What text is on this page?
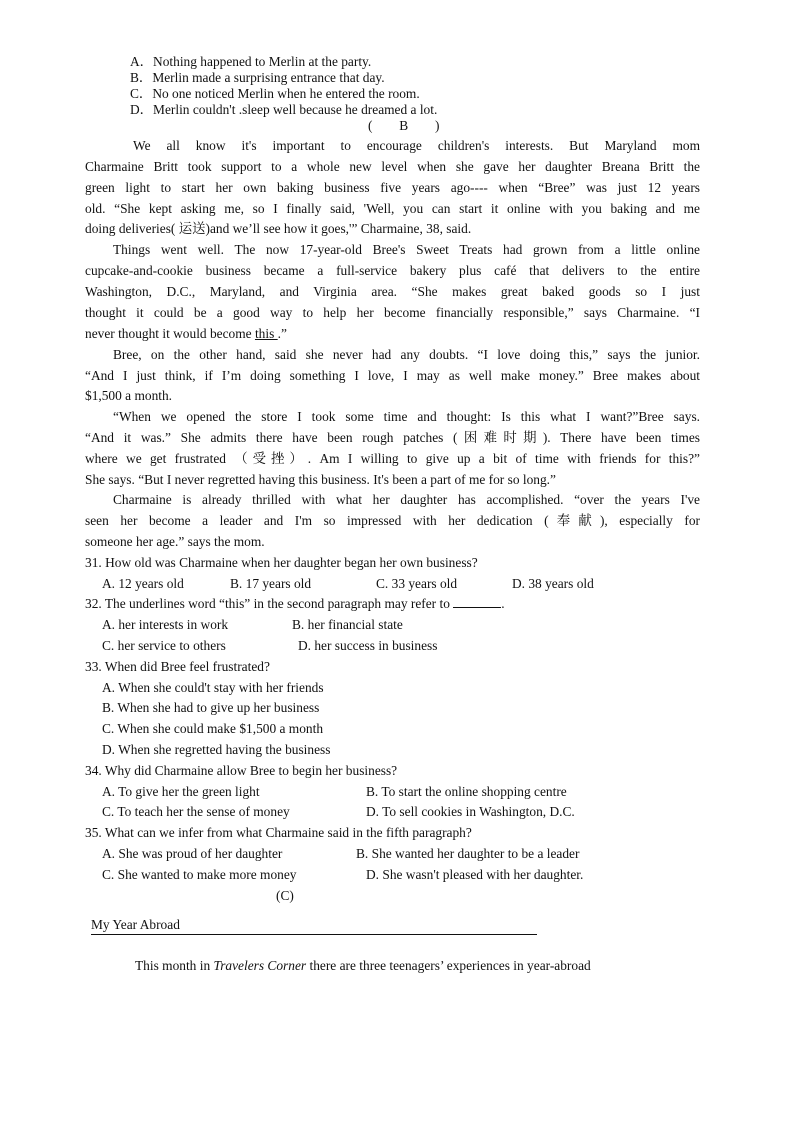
A．Nothing happened to Merlin at the party.
B．Merlin made a surprising entrance that day.
C．No one noticed Merlin when he entered the room.
D．Merlin couldn't .sleep well because he dreamed a lot.
(　　B　　)
We all know it's important to encourage children's interests. But Maryland mom
Charmaine Britt took support to a whole new level when she gave her daughter Breana Britt the
green light to start her own baking business five years ago---- when “Bree” was just 12 years
old. “She kept asking me, so I finally said, 'Well, you can start it online with you baking and me
doing deliveries( 运送)and we’ll see how it goes,'” Charmaine, 38, said.
Things went well. The now 17-year-old Bree's Sweet Treats had grown from a little online
cupcake-and-cookie business became a full-service bakery plus café that delivers to the entire
Washington, D.C., Maryland, and Virginia area. “She makes great baked goods so I just
thought it could be a good way to help her become financially responsible,” says Charmaine. “I
never thought it would become this .”
Bree, on the other hand, said she never had any doubts. “I love doing this,” says the junior.
“And I just think, if I’m doing something I love, I may as well make money.” Bree makes about
$1,500 a month.
“When we opened the store I took some time and thought: Is this what I want?”Bree says.
“And it was.” She admits there have been rough patches (困难时期). There have been times
where we get frustrated （受挫）. Am I willing to give up a bit of time with friends for this?”
She says. “But I never regretted having this business. It's been a part of me for so long.”
Charmaine is already thrilled with what her daughter has accomplished. “over the years I've
seen her become a leader and I'm so impressed with her dedication (奉献), especially for
someone her age.” says the mom.
31. How old was Charmaine when her daughter began her own business?
A. 12 years old	B. 17 years old	C. 33 years old	D. 38 years old
32. The underlines word “this” in the second paragraph may refer to	.
A. her interests in work	B. her financial state
C. her service to others	D. her success in business
33. When did Bree feel frustrated?
A. When she could't stay with her friends
B. When she had to give up her business
C. When she could make $1,500 a month
D. When she regretted having the business
34. Why did Charmaine allow Bree to begin her business?
A. To give her the green light	B. To start the online shopping centre
C. To teach her the sense of money	D. To sell cookies in Washington, D.C.
35. What can we infer from what Charmaine said in the fifth paragraph?
A. She was proud of her daughter	B. She wanted her daughter to be a leader
C. She wanted to make more money	D. She wasn't pleased with her daughter.
(C)
My Year Abroad
This month in Travelers Corner there are three teenagers’ experiences in year-abroad
